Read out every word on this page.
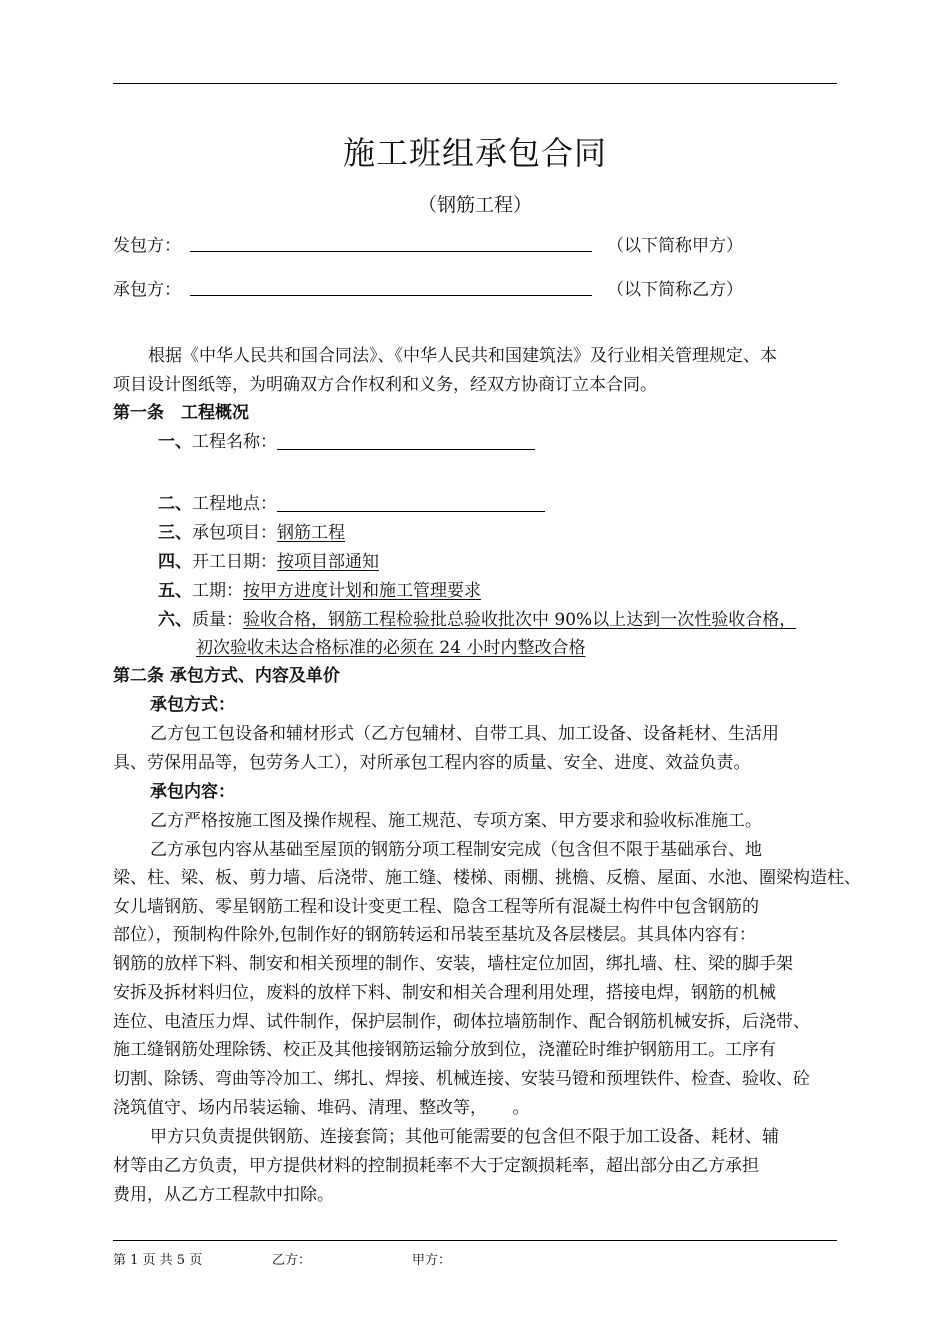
施工班组承包合同
（钢筋工程）
发包方：	（以下简称甲方）
承包方：	（以下简称乙方）
根据《中华人民共和国合同法》、《中华人民共和国建筑法》及行业相关管理规定、本
项目设计图纸等，为明确双方合作权利和义务，经双方协商订立本合同。
第一条　工程概况
一、工程名称：
二、工程地点：
三、承包项目：钢筋工程
四、开工日期：按项目部通知
五、工期：按甲方进度计划和施工管理要求
六、质量：验收合格，钢筋工程检验批总验收批次中 90%以上达到一次性验收合格，
初次验收未达合格标准的必须在 24 小时内整改合格
第二条 承包方式、内容及单价
承包方式：
乙方包工包设备和辅材形式（乙方包辅材、自带工具、加工设备、设备耗材、生活用
具、劳保用品等，包劳务人工），对所承包工程内容的质量、安全、进度、效益负责。
承包内容：
乙方严格按施工图及操作规程、施工规范、专项方案、甲方要求和验收标准施工。
乙方承包内容从基础至屋顶的钢筋分项工程制安完成（包含但不限于基础承台、地
梁、柱、梁、板、剪力墙、后浇带、施工缝、楼梯、雨棚、挑檐、反檐、屋面、水池、圈梁构造柱、
女儿墙钢筋、零星钢筋工程和设计变更工程、隐含工程等所有混凝土构件中包含钢筋的
部位），预制构件除外,包制作好的钢筋转运和吊装至基坑及各层楼层。其具体内容有：
钢筋的放样下料、制安和相关预埋的制作、安装，墙柱定位加固，绑扎墙、柱、梁的脚手架
安拆及拆材料归位，废料的放样下料、制安和相关合理利用处理，搭接电焊，钢筋的机械
连位、电渣压力焊、试件制作，保护层制作，砌体拉墙筋制作、配合钢筋机械安拆，后浇带、
施工缝钢筋处理除锈、校正及其他接钢筋运输分放到位，浇灌砼时维护钢筋用工。工序有
切割、除锈、弯曲等冷加工、绑扎、焊接、机械连接、安装马镫和预埋铁件、检查、验收、砼
浇筑值守、场内吊装运输、堆码、清理、整改等，　　。
甲方只负责提供钢筋、连接套筒；其他可能需要的包含但不限于加工设备、耗材、辅
材等由乙方负责，甲方提供材料的控制损耗率不大于定额损耗率，超出部分由乙方承担
费用，从乙方工程款中扣除。
第 1 页 共 5 页	乙方：	甲方：
